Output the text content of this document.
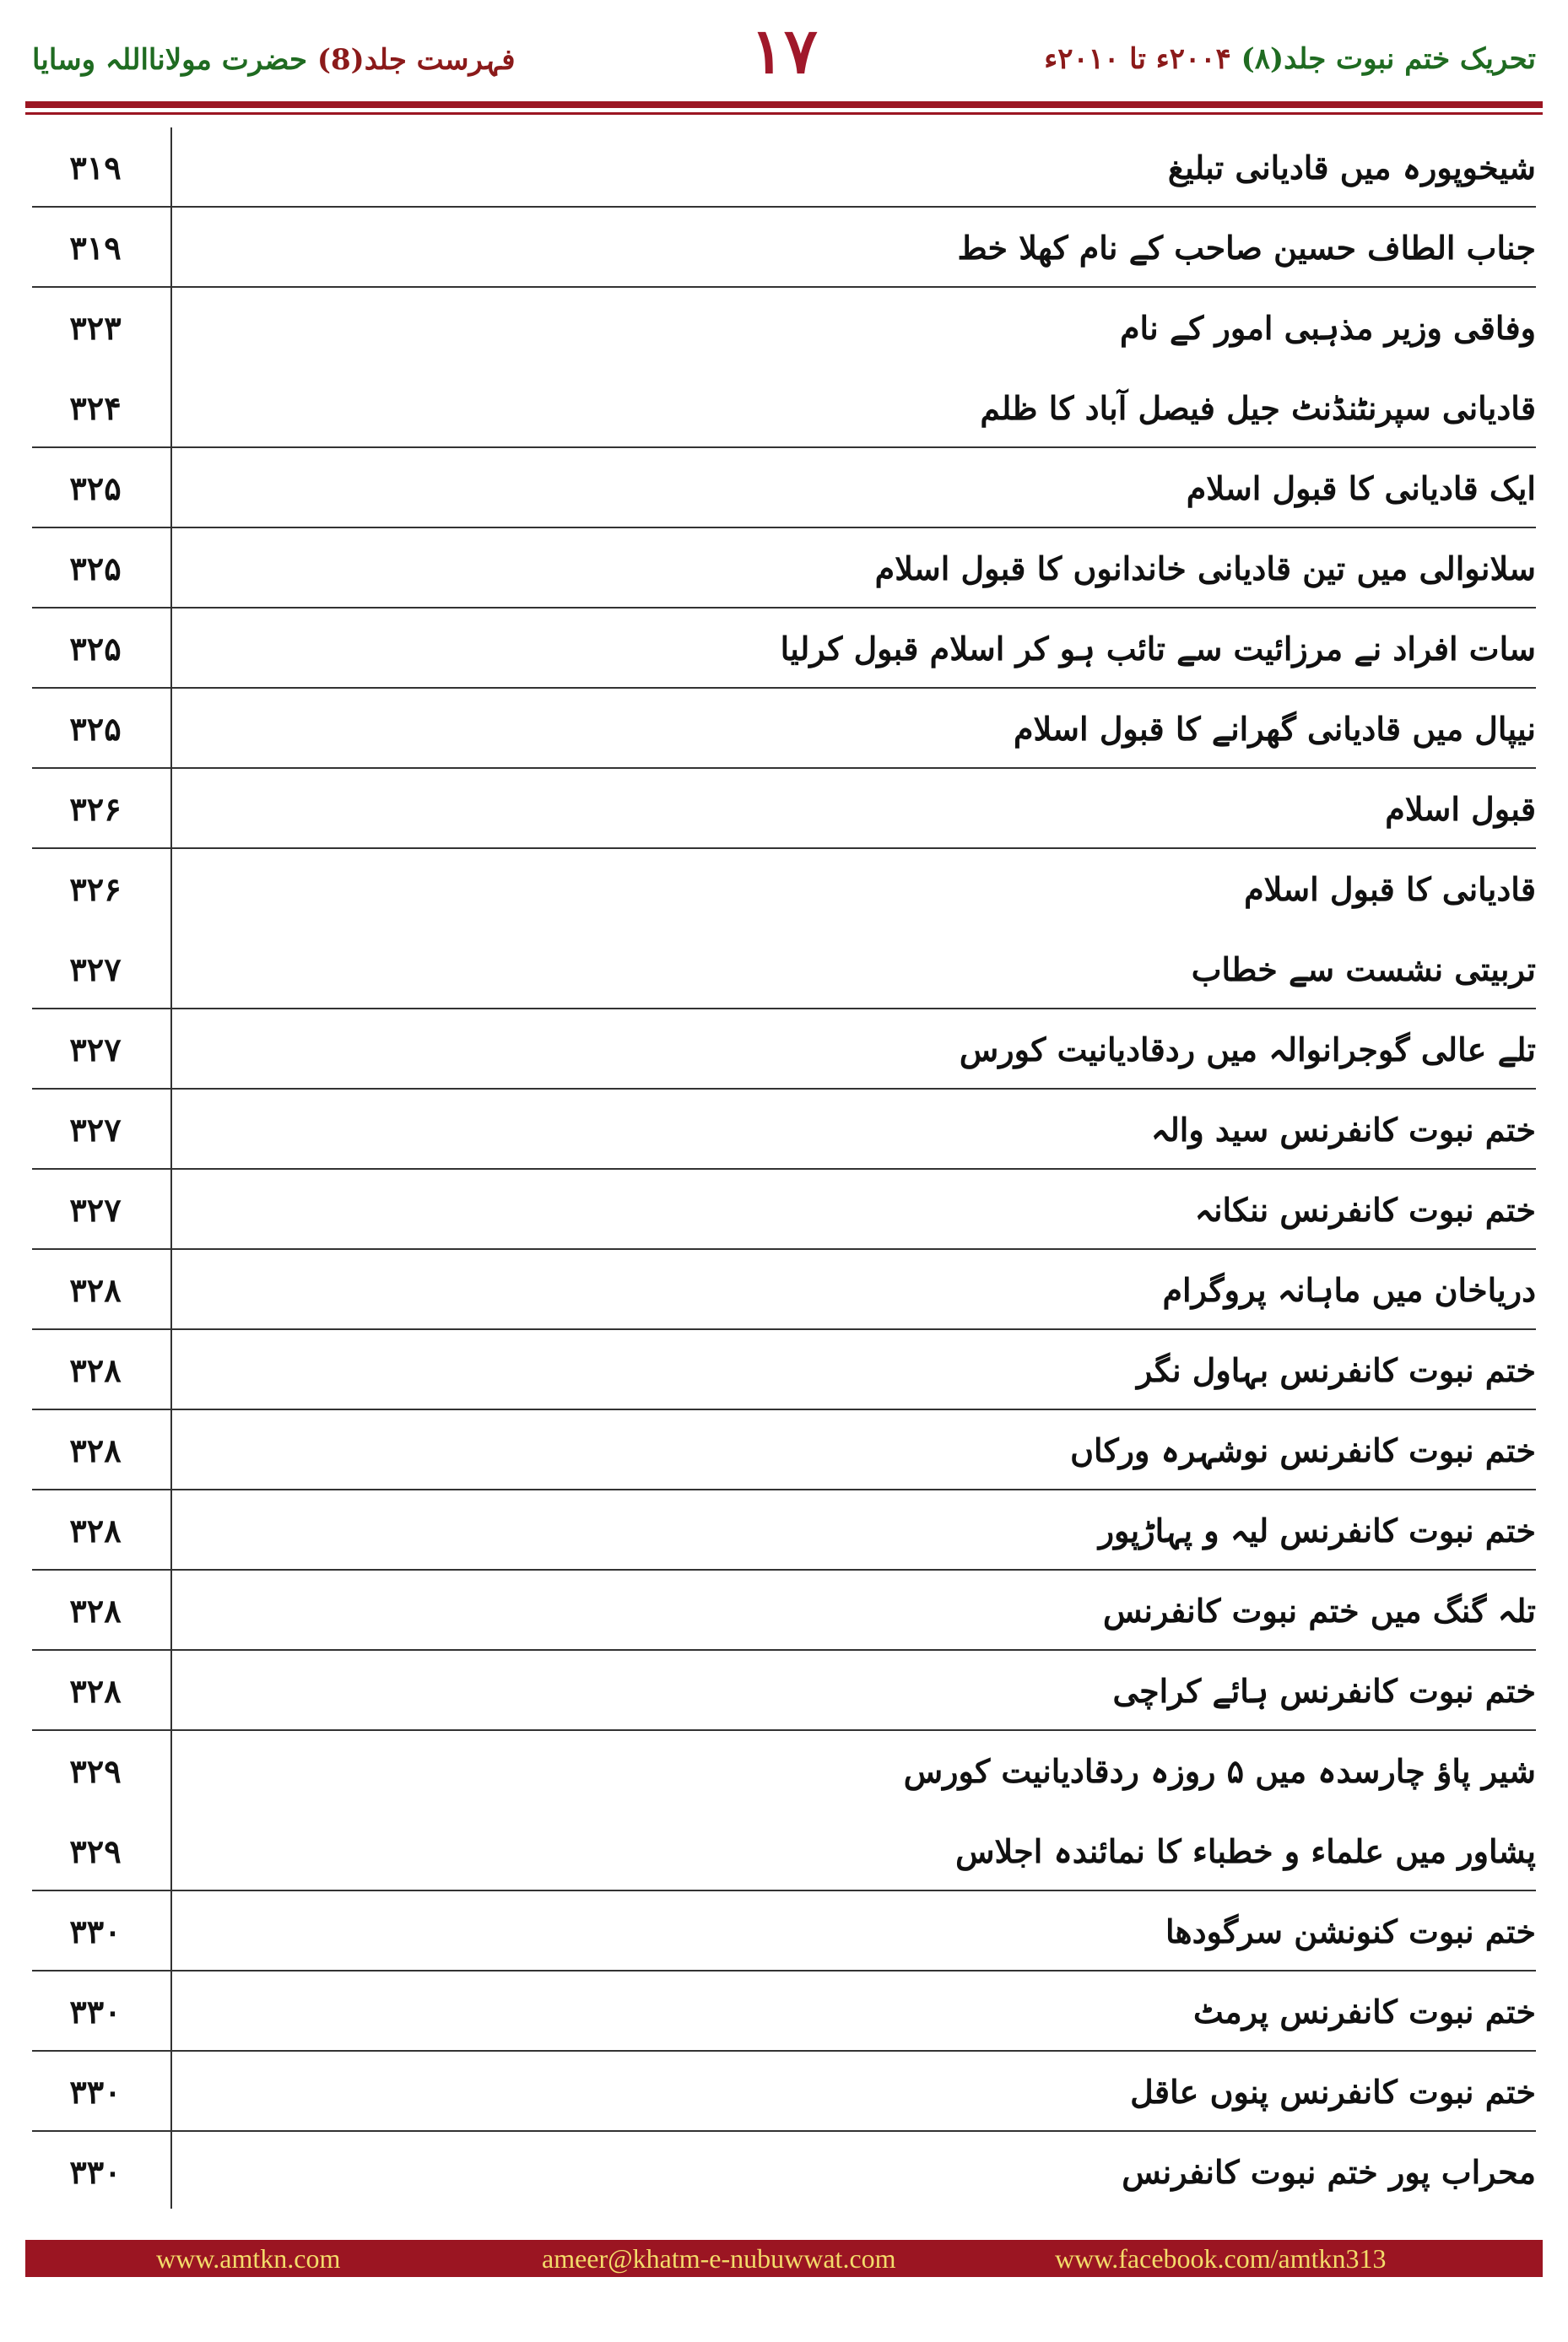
تحریک ختم نبوت جلد(۸) ۲۰۰۴ء تا ۲۰۱۰ء
۱۷
فہرست جلد(8) حضرت مولانااللہ وسایا
شیخوپورہ میں قادیانی تبلیغ
۳۱۹
جناب الطاف حسین صاحب کے نام کھلا خط
۳۱۹
وفاقی وزیر مذہبی امور کے نام
۳۲۳
قادیانی سپرنٹنڈنٹ جیل فیصل آباد کا ظلم
۳۲۴
ایک قادیانی کا قبول اسلام
۳۲۵
سلانوالی میں تین قادیانی خاندانوں کا قبول اسلام
۳۲۵
سات افراد نے مرزائیت سے تائب ہو کر اسلام قبول کرلیا
۳۲۵
نیپال میں قادیانی گھرانے کا قبول اسلام
۳۲۵
قبول اسلام
۳۲۶
قادیانی کا قبول اسلام
۳۲۶
تربیتی نشست سے خطاب
۳۲۷
تلے عالی گوجرانوالہ میں ردقادیانیت کورس
۳۲۷
ختم نبوت کانفرنس سید والہ
۳۲۷
ختم نبوت کانفرنس ننکانہ
۳۲۷
دریاخان میں ماہانہ پروگرام
۳۲۸
ختم نبوت کانفرنس بہاول نگر
۳۲۸
ختم نبوت کانفرنس نوشہرہ ورکاں
۳۲۸
ختم نبوت کانفرنس لیہ و پہاڑپور
۳۲۸
تلہ گنگ میں ختم نبوت کانفرنس
۳۲۸
ختم نبوت کانفرنس ہائے کراچی
۳۲۸
شیر پاؤ چارسدہ میں ۵ روزہ ردقادیانیت کورس
۳۲۹
پشاور میں علماء و خطباء کا نمائندہ اجلاس
۳۲۹
ختم نبوت کنونشن سرگودھا
۳۳۰
ختم نبوت کانفرنس پرمٹ
۳۳۰
ختم نبوت کانفرنس پنوں عاقل
۳۳۰
محراب پور ختم نبوت کانفرنس
۳۳۰
www.amtkn.com	ameer@khatm-e-nubuwwat.com	www.facebook.com/amtkn313
